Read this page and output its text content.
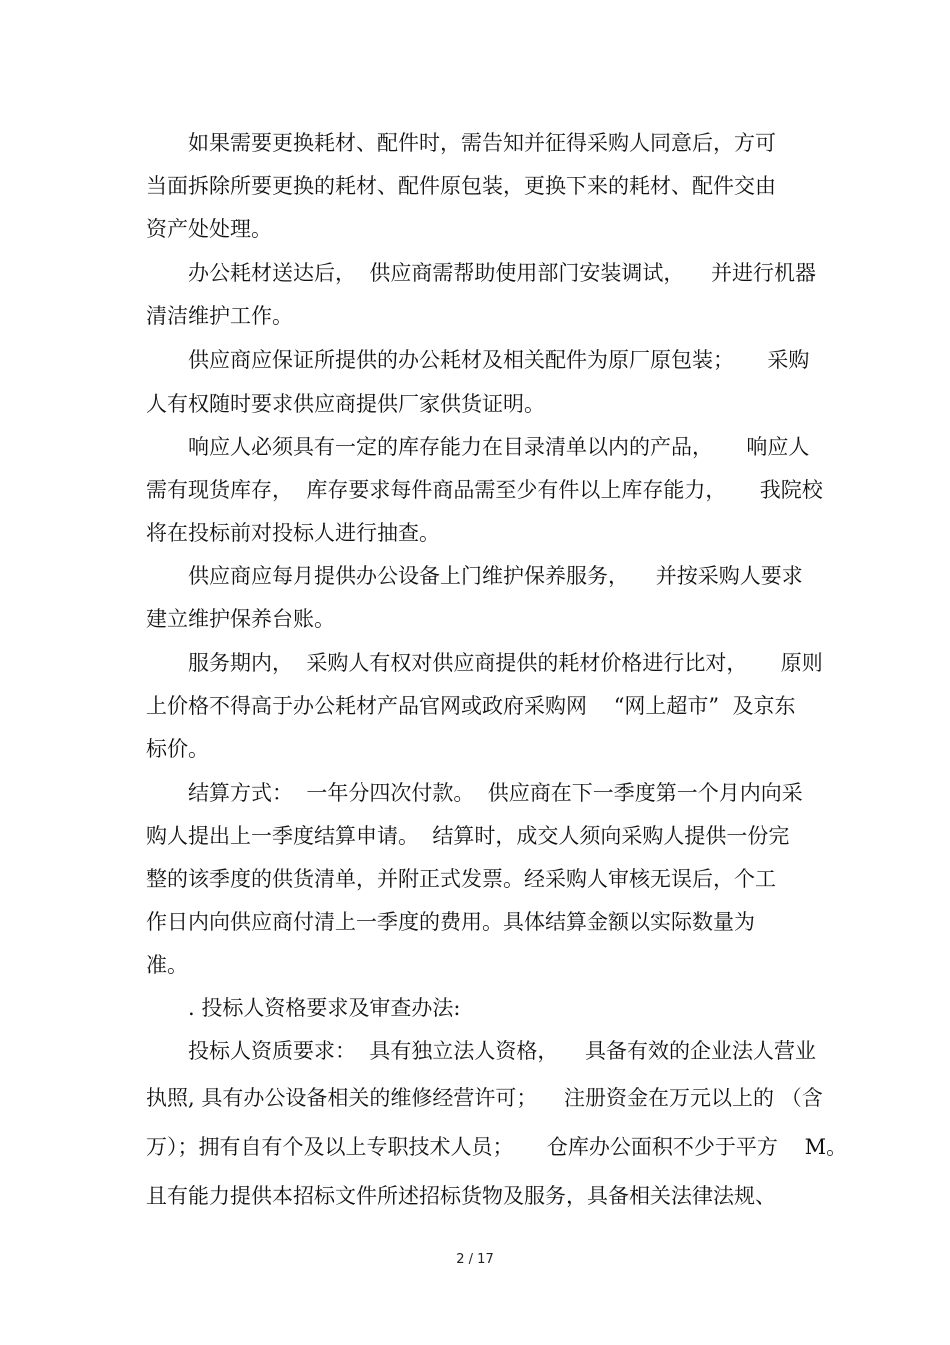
如果需要更换耗材、配件时，需告知并征得采购人同意后，方可
当面拆除所要更换的耗材、配件原包装，更换下来的耗材、配件交由
资产处处理。
办公耗材送达后，  供应商需帮助使用部门安装调试，    并进行机器
清洁维护工作。
供应商应保证所提供的办公耗材及相关配件为原厂原包装；     采购
人有权随时要求供应商提供厂家供货证明。
响应人必须具有一定的库存能力在目录清单以内的产品，     响应人
需有现货库存，  库存要求每件商品需至少有件以上库存能力，     我院校
将在投标前对投标人进行抽查。
供应商应每月提供办公设备上门维护保养服务，    并按采购人要求
建立维护保养台账。
服务期内，  采购人有权对供应商提供的耗材价格进行比对，     原则
上价格不得高于办公耗材产品官网或政府采购网    “网上超市”  及京东
标价。
结算方式：  一年分四次付款。  供应商在下一季度第一个月内向采
购人提出上一季度结算申请。  结算时，成交人须向采购人提供一份完
整的该季度的供货清单，并附正式发票。经采购人审核无误后，个工
作日内向供应商付清上一季度的费用。具体结算金额以实际数量为
准。
. 投标人资格要求及审查办法:
投标人资质要求：  具有独立法人资格，    具备有效的企业法人营业
执照, 具有办公设备相关的维修经营许可；    注册资金在万元以上的 （含
万）；拥有自有个及以上专职技术人员；     仓库办公面积不少于平方    M。
且有能力提供本招标文件所述招标货物及服务，具备相关法律法规、
2 / 17
